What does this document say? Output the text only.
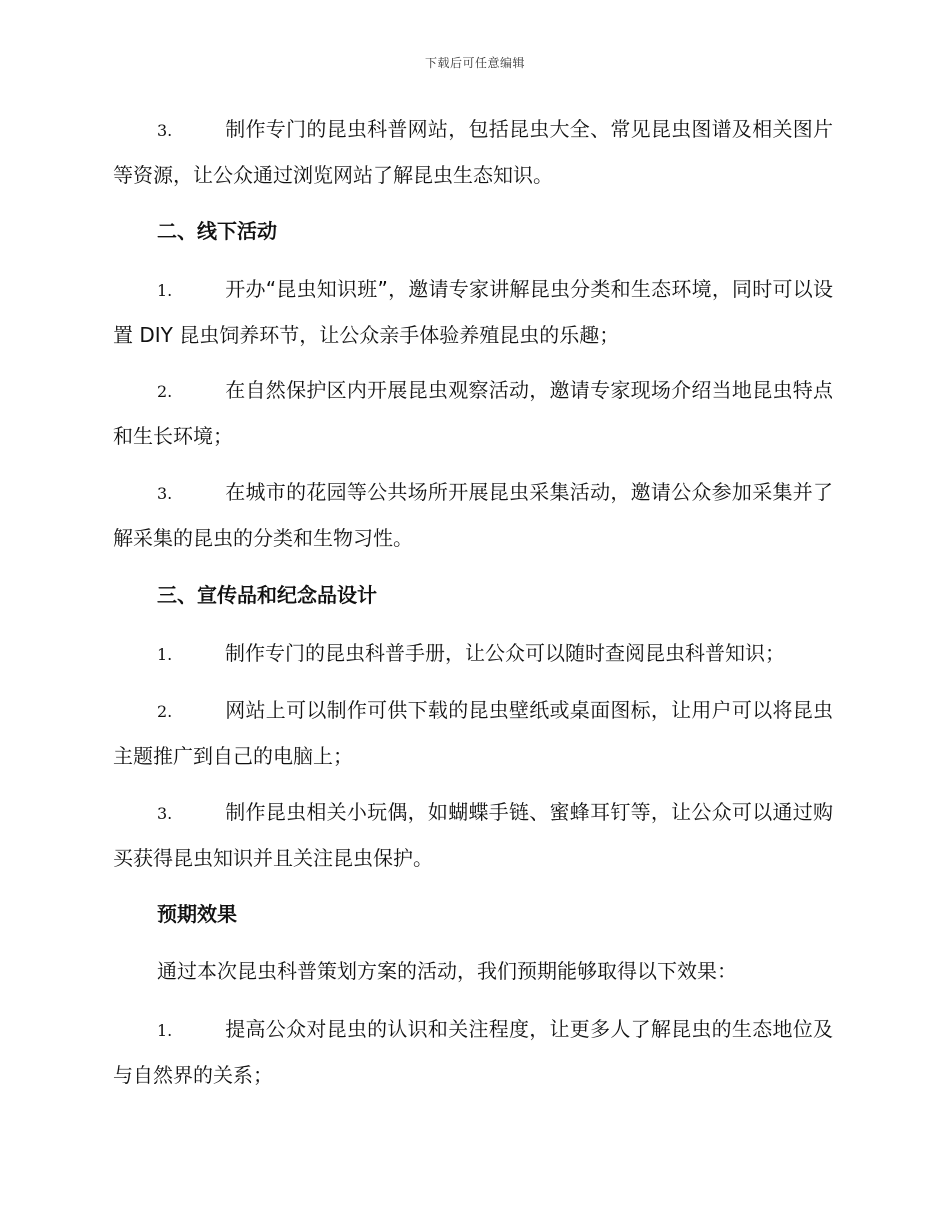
下载后可任意编辑
3.	制作专门的昆虫科普网站，包括昆虫大全、常见昆虫图谱及相关图片等资源，让公众通过浏览网站了解昆虫生态知识。
二、线下活动
1.	开办“昆虫知识班”，邀请专家讲解昆虫分类和生态环境，同时可以设置 DIY 昆虫饲养环节，让公众亲手体验养殖昆虫的乐趣；
2.	在自然保护区内开展昆虫观察活动，邀请专家现场介绍当地昆虫特点和生长环境；
3.	在城市的花园等公共场所开展昆虫采集活动，邀请公众参加采集并了解采集的昆虫的分类和生物习性。
三、宣传品和纪念品设计
1.	制作专门的昆虫科普手册，让公众可以随时查阅昆虫科普知识；
2.	网站上可以制作可供下载的昆虫壁纸或桌面图标，让用户可以将昆虫主题推广到自己的电脑上；
3.	制作昆虫相关小玩偶，如蝴蝶手链、蜜蜂耳钉等，让公众可以通过购买获得昆虫知识并且关注昆虫保护。
预期效果
通过本次昆虫科普策划方案的活动，我们预期能够取得以下效果：
1.	提高公众对昆虫的认识和关注程度，让更多人了解昆虫的生态地位及与自然界的关系；
